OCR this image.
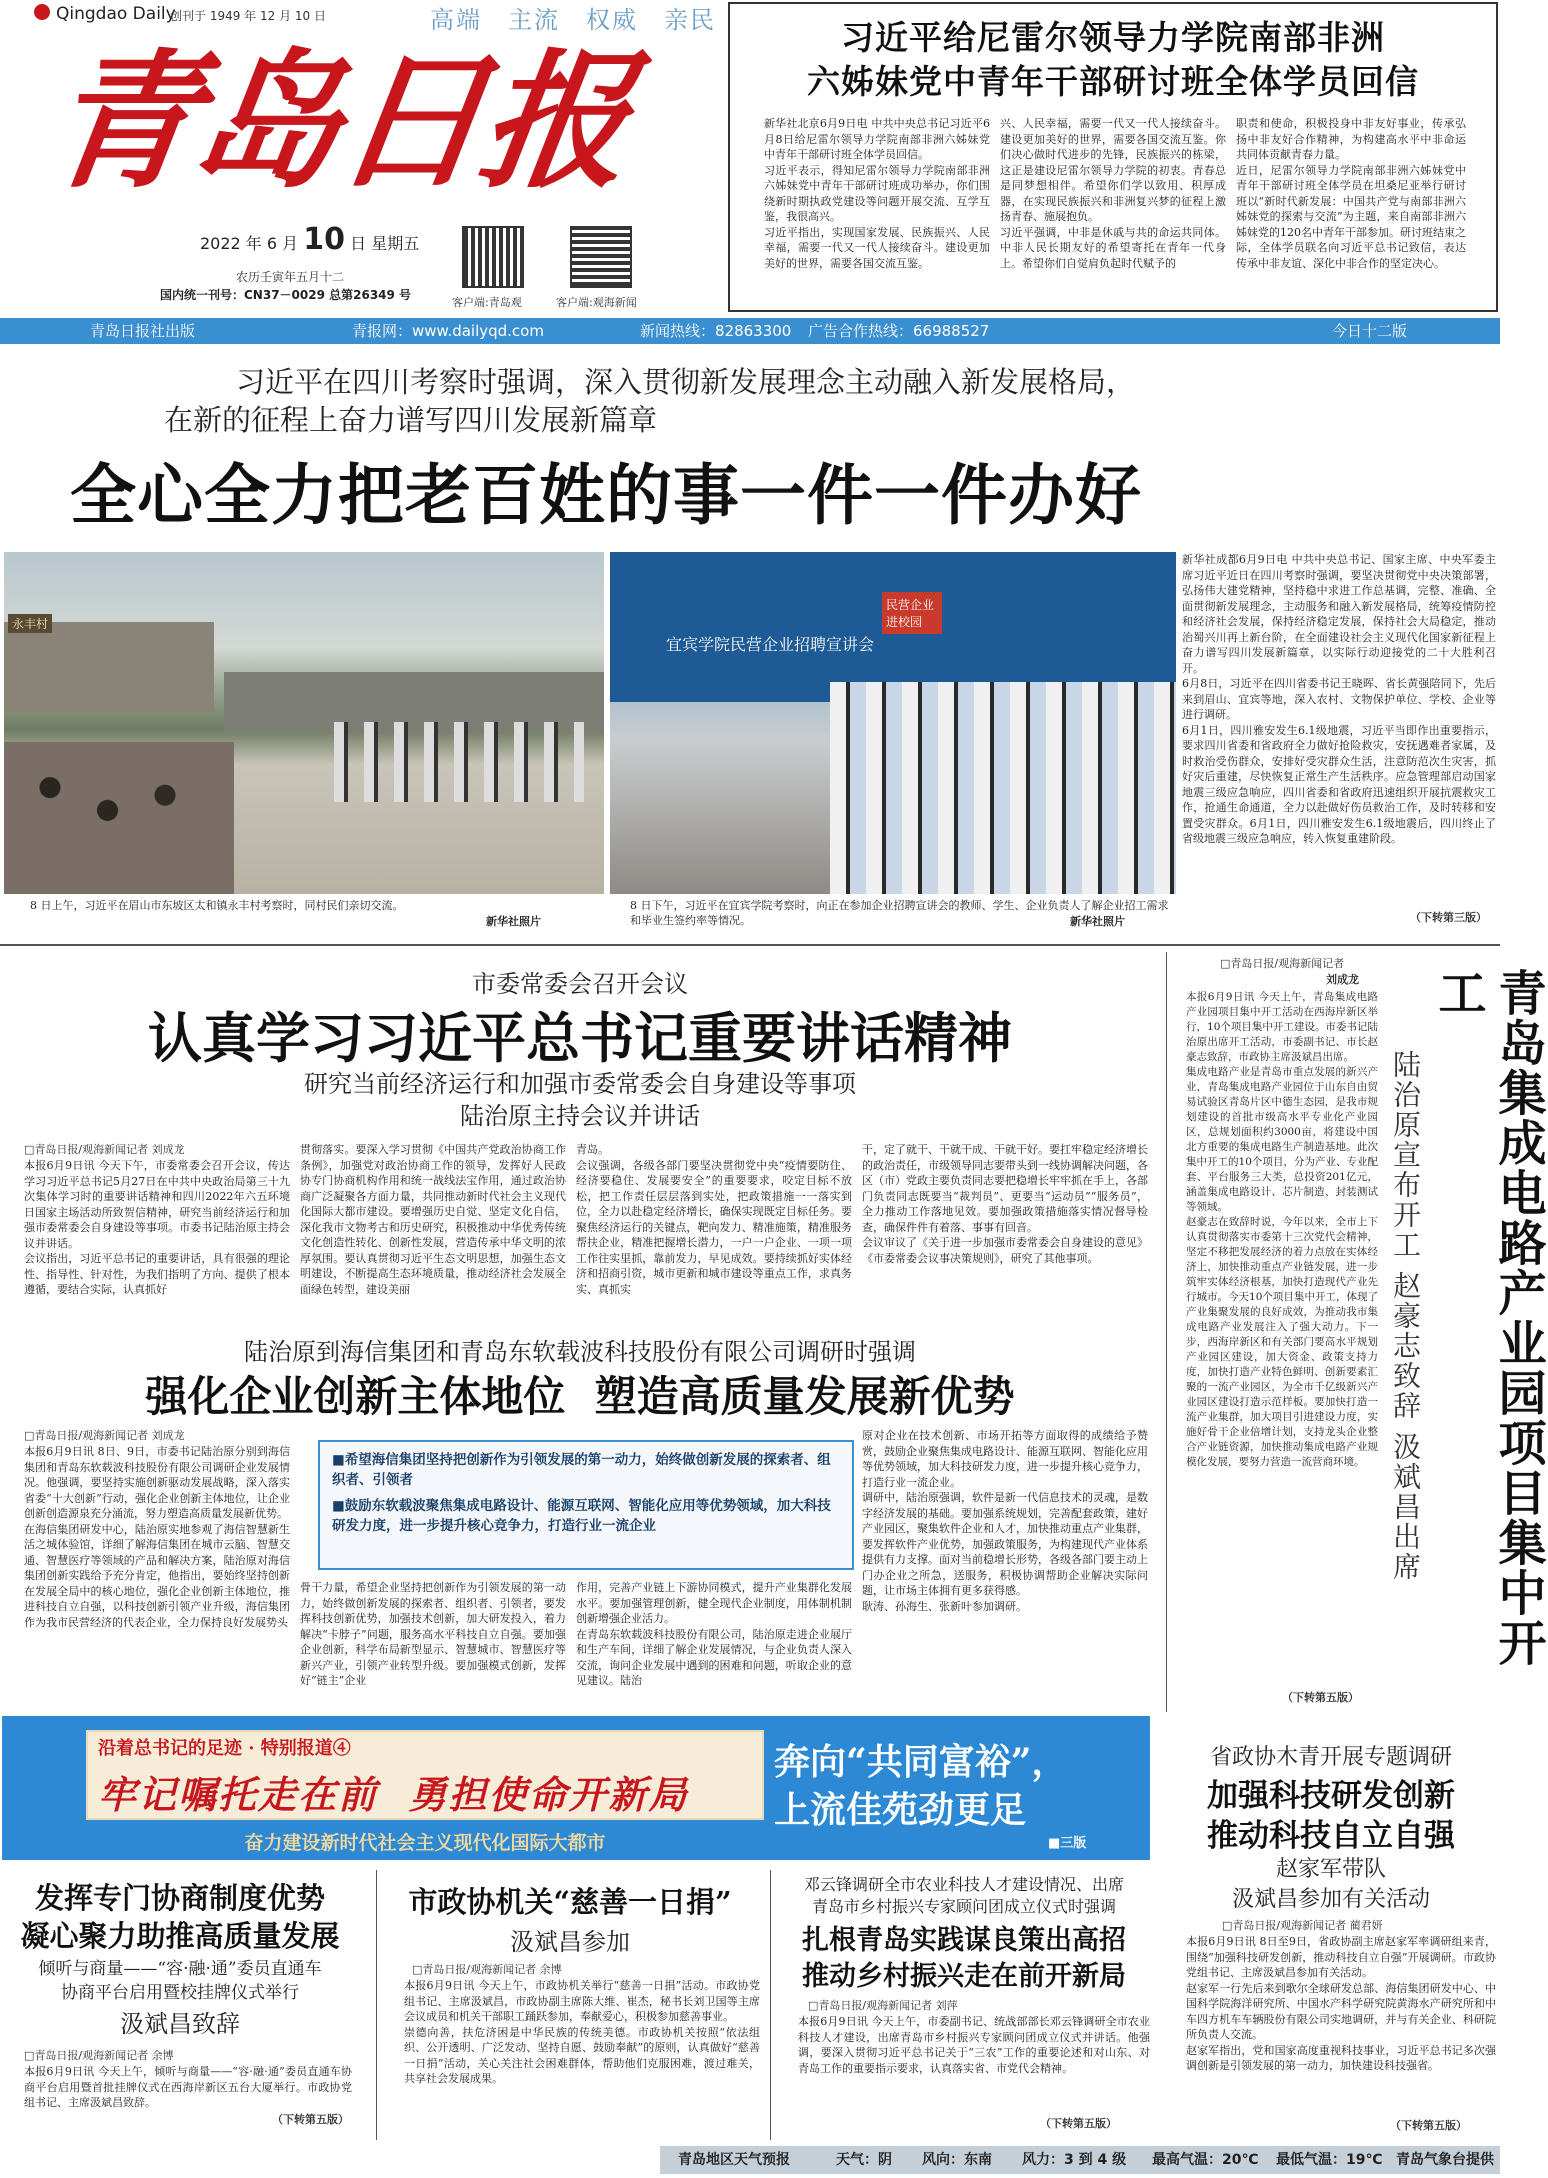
Qingdao Daily
创刊于 1949 年 12 月 10 日	高端 主流 权威 亲民
青岛日报
2022 年 6 月 10 日 星期五
农历壬寅年五月十二
国内统一刊号：CN37－0029 总第26349 号
客户端:青岛观	客户端:观海新闻
习近平给尼雷尔领导力学院南部非洲
六姊妹党中青年干部研讨班全体学员回信
新华社北京6月9日电 中共中央总书记习近平6月8日给尼雷尔领导力学院南部非洲六姊妹党中青年干部研讨班全体学员回信。
习近平表示，得知尼雷尔领导力学院南部非洲六姊妹党中青年干部研讨班成功举办，你们围绕新时期执政党建设等问题开展交流、互学互鉴，我很高兴。
习近平指出，实现国家发展、民族振兴、人民幸福，需要一代又一代人接续奋斗。建设更加美好的世界，需要各国交流互鉴。
兴、人民幸福，需要一代又一代人接续奋斗。建设更加美好的世界，需要各国交流互鉴。你们决心做时代进步的先锋，民族振兴的栋梁，这正是建设尼雷尔领导力学院的初衷。青春总是同梦想相伴。希望你们学以致用、积厚成器，在实现民族振兴和非洲复兴梦的征程上激扬青春、施展抱负。
习近平强调，中非是休戚与共的命运共同体。中非人民长期友好的希望寄托在青年一代身上。希望你们自觉肩负起时代赋予的
职责和使命，积极投身中非友好事业，传承弘扬中非友好合作精神，为构建高水平中非命运共同体贡献青春力量。
近日，尼雷尔领导力学院南部非洲六姊妹党中青年干部研讨班全体学员在坦桑尼亚举行研讨班以“新时代新发展：中国共产党与南部非洲六姊妹党的探索与交流”为主题，来自南部非洲六姊妹党的120名中青年干部参加。研讨班结束之际，全体学员联名向习近平总书记致信，表达传承中非友谊、深化中非合作的坚定决心。
青岛日报社出版	青报网：www.dailyqd.com	新闻热线：82863300 广告合作热线：66988527	今日十二版
习近平在四川考察时强调，深入贯彻新发展理念主动融入新发展格局，
在新的征程上奋力谱写四川发展新篇章
全心全力把老百姓的事一件一件办好
永丰村
宜宾学院民营企业招聘宣讲会
民营企业进校园
8 日上午，习近平在眉山市东坡区太和镇永丰村考察时，同村民们亲切交流。
新华社照片
8 日下午，习近平在宜宾学院考察时，向正在参加企业招聘宣讲会的教师、学生、企业负责人了解企业招工需求和毕业生签约率等情况。	新华社照片
新华社成都6月9日电 中共中央总书记、国家主席、中央军委主席习近平近日在四川考察时强调，要坚决贯彻党中央决策部署，弘扬伟大建党精神，坚持稳中求进工作总基调，完整、准确、全面贯彻新发展理念，主动服务和融入新发展格局，统筹疫情防控和经济社会发展，保持经济稳定发展，保持社会大局稳定，推动治蜀兴川再上新台阶，在全面建设社会主义现代化国家新征程上奋力谱写四川发展新篇章，以实际行动迎接党的二十大胜利召开。
6月8日，习近平在四川省委书记王晓晖、省长黄强陪同下，先后来到眉山、宜宾等地，深入农村、文物保护单位、学校、企业等进行调研。
6月1日，四川雅安发生6.1级地震，习近平当即作出重要指示，要求四川省委和省政府全力做好抢险救灾，安抚遇难者家属，及时救治受伤群众，安排好受灾群众生活，注意防范次生灾害，抓好灾后重建，尽快恢复正常生产生活秩序。应急管理部启动国家地震三级应急响应，四川省委和省政府迅速组织开展抗震救灾工作，抢通生命通道，全力以赴做好伤员救治工作，及时转移和安置受灾群众。6月1日，四川雅安发生6.1级地震后，四川终止了省级地震三级应急响应，转入恢复重建阶段。
（下转第三版）
市委常委会召开会议
认真学习习近平总书记重要讲话精神
研究当前经济运行和加强市委常委会自身建设等事项
陆治原主持会议并讲话
□青岛日报/观海新闻记者 刘成龙
本报6月9日讯 今天下午，市委常委会召开会议，传达学习习近平总书记5月27日在中共中央政治局第三十九次集体学习时的重要讲话精神和四川2022年六五环境日国家主场活动所致贺信精神，研究当前经济运行和加强市委常委会自身建设等事项。市委书记陆治原主持会议并讲话。
会议指出，习近平总书记的重要讲话，具有很强的理论性、指导性、针对性，为我们指明了方向、提供了根本遵循，要结合实际，认真抓好
贯彻落实。要深入学习贯彻《中国共产党政治协商工作条例》，加强党对政治协商工作的领导，发挥好人民政协专门协商机构作用和统一战线法宝作用，通过政治协商广泛凝聚各方面力量，共同推动新时代社会主义现代化国际大都市建设。要增强历史自觉、坚定文化自信，深化我市文物考古和历史研究，积极推动中华优秀传统文化创造性转化、创新性发展，营造传承中华文明的浓厚氛围。要认真贯彻习近平生态文明思想，加强生态文明建设，不断提高生态环境质量，推动经济社会发展全面绿色转型，建设美丽
青岛。
会议强调，各级各部门要坚决贯彻党中央“疫情要防住、经济要稳住、发展要安全”的重要要求，咬定目标不放松，把工作责任层层落到实处，把政策措施一一落实到位，全力以赴稳定经济增长，确保实现既定目标任务。要聚焦经济运行的关键点，靶向发力、精准施策，精准服务帮扶企业，精准把握增长潜力，一户一户企业、一项一项工作往实里抓，靠前发力，早见成效。要持续抓好实体经济和招商引资，城市更新和城市建设等重点工作，求真务实、真抓实
干，定了就干、干就干成、干就干好。要扛牢稳定经济增长的政治责任，市级领导同志要带头到一线协调解决问题，各区（市）党政主要负责同志要把稳增长牢牢抓在手上，各部门负责同志既要当“裁判员”、更要当“运动员”“服务员”，全力推动工作落地见效。要加强政策措施落实情况督导检查，确保件件有着落、事事有回音。
会议审议了《关于进一步加强市委常委会自身建设的意见》《市委常委会议事决策规则》，研究了其他事项。
陆治原到海信集团和青岛东软载波科技股份有限公司调研时强调
强化企业创新主体地位  塑造高质量发展新优势
□青岛日报/观海新闻记者 刘成龙
本报6月9日讯 8日、9日，市委书记陆治原分别到海信集团和青岛东软载波科技股份有限公司调研企业发展情况。他强调，要坚持实施创新驱动发展战略，深入落实省委“十大创新”行动，强化企业创新主体地位，让企业创新创造源泉充分涌流，努力塑造高质量发展新优势。
在海信集团研发中心，陆治原实地参观了海信智慧新生活之城体验馆，详细了解海信集团在城市云脑、智慧交通、智慧医疗等领域的产品和解决方案，陆治原对海信集团创新实践给予充分肯定，他指出，要始终坚持创新在发展全局中的核心地位，强化企业创新主体地位，推进科技自立自强，以科技创新引领产业升级，海信集团作为我市民营经济的代表企业，全力保持良好发展势头
■希望海信集团坚持把创新作为引领发展的第一动力，始终做创新发展的探索者、组织者、引领者
■鼓励东软载波聚焦集成电路设计、能源互联网、智能化应用等优势领域，加大科技研发力度，进一步提升核心竞争力，打造行业一流企业
骨干力量，希望企业坚持把创新作为引领发展的第一动力，始终做创新发展的探索者、组织者、引领者，要发挥科技创新优势，加强技术创新，加大研发投入，着力解决“卡脖子”问题，服务高水平科技自立自强。要加强企业创新，科学布局新型显示、智慧城市、智慧医疗等新兴产业，引领产业转型升级。要加强模式创新，发挥好“链主”企业
作用，完善产业链上下游协同模式，提升产业集群化发展水平。要加强管理创新，健全现代企业制度，用体制机制创新增强企业活力。
在青岛东软载波科技股份有限公司，陆治原走进企业展厅和生产车间，详细了解企业发展情况，与企业负责人深入交流，询问企业发展中遇到的困难和问题，听取企业的意见建议。陆治
原对企业在技术创新、市场开拓等方面取得的成绩给予赞赏，鼓励企业聚焦集成电路设计、能源互联网、智能化应用等优势领域，加大科技研发力度，进一步提升核心竞争力，打造行业一流企业。
调研中，陆治原强调，软件是新一代信息技术的灵魂，是数字经济发展的基础。要加强系统规划，完善配套政策，建好产业园区，聚集软件企业和人才，加快推动重点产业集群，要发挥软件产业优势，加强政策服务，为构建现代产业体系提供有力支撑。面对当前稳增长形势，各级各部门要主动上门办企业之所急，送服务，积极协调帮助企业解决实际问题，让市场主体拥有更多获得感。
耿涛、孙海生、张新叶参加调研。
□青岛日报/观海新闻记者
刘成龙
本报6月9日讯 今天上午，青岛集成电路产业园项目集中开工活动在西海岸新区举行，10个项目集中开工建设。市委书记陆治原出席开工活动，市委副书记、市长赵豪志致辞，市政协主席汲斌昌出席。
集成电路产业是青岛市重点发展的新兴产业，青岛集成电路产业园位于山东自由贸易试验区青岛片区中德生态园，是我市规划建设的首批市级高水平专业化产业园区，总规划面积约3000亩，将建设中国北方重要的集成电路生产制造基地。此次集中开工的10个项目，分为产业、专业配套、平台服务三大类，总投资201亿元，涵盖集成电路设计、芯片制造、封装测试等领域。
赵豪志在致辞时说，今年以来，全市上下认真贯彻落实市委第十三次党代会精神，坚定不移把发展经济的着力点放在实体经济上，加快推动重点产业链发展，进一步筑牢实体经济根基，加快打造现代产业先行城市。今天10个项目集中开工，体现了产业集聚发展的良好成效，为推动我市集成电路产业发展注入了强大动力。下一步，西海岸新区和有关部门要高水平规划产业园区建设，加大资金、政策支持力度，加快打造产业特色鲜明、创新要素汇聚的一流产业园区，为全市千亿级新兴产业园区建设打造示范样板。要加快打造一流产业集群，加大项目引进建设力度，实施好骨干企业倍增计划，支持龙头企业整合产业链资源，加快推动集成电路产业规模化发展，要努力营造一流营商环境。	青岛集成电路产业园项目集中开工
陆治原宣布开工 赵豪志致辞 汲斌昌出席
（下转第五版）
沿着总书记的足迹 · 特别报道④
牢记嘱托走在前  勇担使命开新局
奋力建设新时代社会主义现代化国际大都市
奔向“共同富裕”，
上流佳苑劲更足
■三版
省政协木青开展专题调研
加强科技研发创新
推动科技自立自强
赵家军带队
汲斌昌参加有关活动
□青岛日报/观海新闻记者 蔺君妍
本报6月9日讯 8日至9日，省政协副主席赵家军率调研组来青，围绕“加强科技研发创新，推动科技自立自强”开展调研。市政协党组书记、主席汲斌昌参加有关活动。
赵家军一行先后来到歌尔全球研发总部、海信集团研发中心、中国科学院海洋研究所、中国水产科学研究院黄海水产研究所和中车四方机车车辆股份有限公司实地调研，并与有关企业、科研院所负责人交流。
赵家军指出，党和国家高度重视科技事业，习近平总书记多次强调创新是引领发展的第一动力，加快建设科技强省。
（下转第五版）
发挥专门协商制度优势
凝心聚力助推高质量发展
倾听与商量——“容·融·通”委员直通车
协商平台启用暨校挂牌仪式举行
汲斌昌致辞
□青岛日报/观海新闻记者 余博
本报6月9日讯 今天上午，倾听与商量——“容·融·通”委员直通车协商平台启用暨首批挂牌仪式在西海岸新区五台大厦举行。市政协党组书记、主席汲斌昌致辞。
（下转第五版）
市政协机关“慈善一日捐”
汲斌昌参加
□青岛日报/观海新闻记者 余博
本报6月9日讯 今天上午，市政协机关举行“慈善一日捐”活动。市政协党组书记、主席汲斌昌，市政协副主席陈大维、崔杰，秘书长刘卫国等主席会议成员和机关干部职工踊跃参加，奉献爱心，积极参加慈善事业。
崇德向善，扶危济困是中华民族的传统美德。市政协机关按照“依法组织、公开透明、广泛发动、坚持自愿、鼓励奉献”的原则，认真做好“慈善一日捐”活动，关心关注社会困难群体，帮助他们克服困难，渡过难关，共享社会发展成果。
邓云锋调研全市农业科技人才建设情况、出席
青岛市乡村振兴专家顾问团成立仪式时强调
扎根青岛实践谋良策出高招
推动乡村振兴走在前开新局
□青岛日报/观海新闻记者 刘萍
本报6月9日讯 今天上午，市委副书记、统战部部长邓云锋调研全市农业科技人才建设，出席青岛市乡村振兴专家顾问团成立仪式并讲话。他强调，要深入贯彻习近平总书记关于“三农”工作的重要论述和对山东、对青岛工作的重要指示要求，认真落实省、市党代会精神。
（下转第五版）
青岛地区天气预报	天气：阴 风向：东南 风力：3 到 4 级 最高气温：20℃ 最低气温：19℃ 青岛气象台提供
